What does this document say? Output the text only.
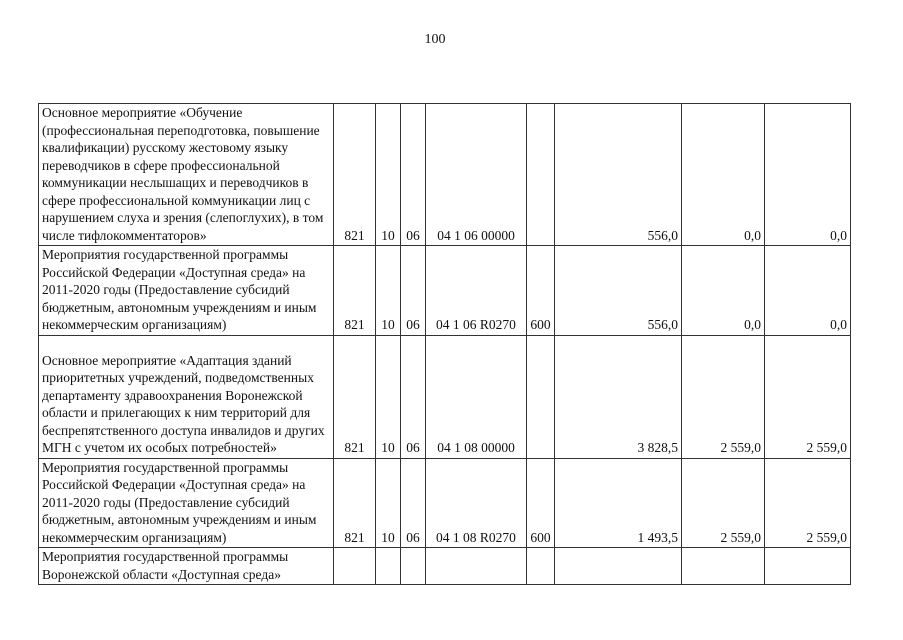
100
Основное мероприятие «Обучение (профессиональная переподготовка, повышение квалификации) русскому жестовому языку переводчиков в сфере профессиональной коммуникации неслышащих и переводчиков в сфере профессиональной коммуникации лиц с нарушением слуха и зрения (слепоглухих), в том числе тифлокомментаторов»	821	10	06	04 1 06 00000		556,0	0,0	0,0
Мероприятия государственной программы Российской Федерации «Доступная среда» на 2011-2020 годы (Предоставление субсидий бюджетным, автономным учреждениям и иным некоммерческим организациям)	821	10	06	04 1 06 R0270	600	556,0	0,0	0,0
Основное мероприятие «Адаптация зданий приоритетных учреждений, подведомственных департаменту здравоохранения Воронежской области и прилегающих к ним территорий для беспрепятственного доступа инвалидов и других МГН с учетом их особых потребностей»	821	10	06	04 1 08 00000		3 828,5	2 559,0	2 559,0
Мероприятия государственной программы Российской Федерации «Доступная среда» на 2011-2020 годы (Предоставление субсидий бюджетным, автономным учреждениям и иным некоммерческим организациям)	821	10	06	04 1 08 R0270	600	1 493,5	2 559,0	2 559,0
Мероприятия государственной программы Воронежской области «Доступная среда»								
